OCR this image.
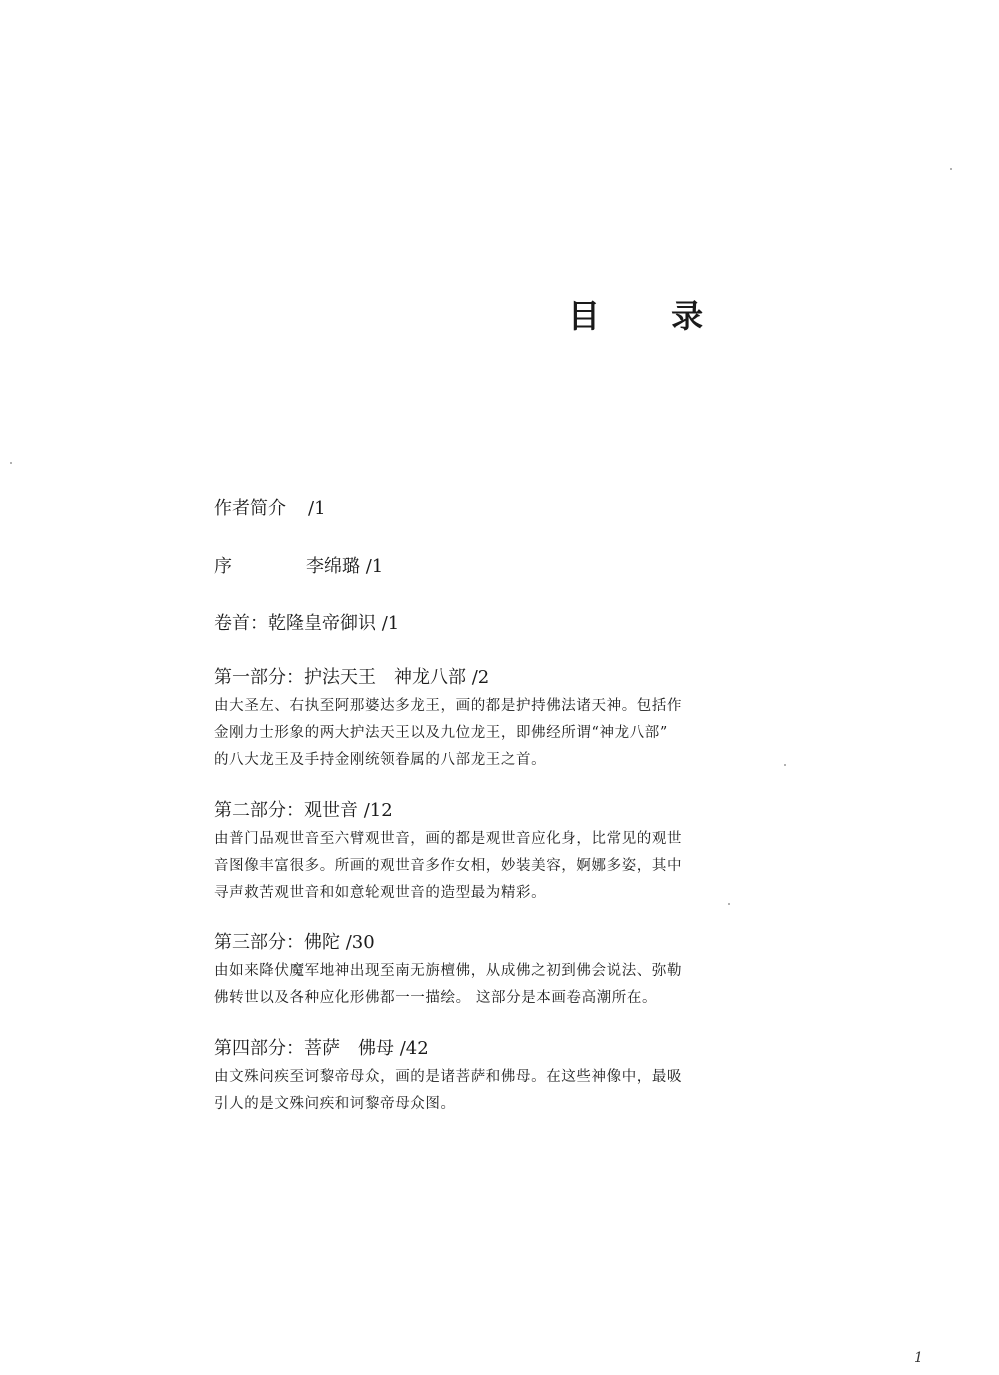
目 录
作者简介 /1
序	李绵璐 /1
卷首：乾隆皇帝御识 /1
第一部分：护法天王 神龙八部 /2
由大圣左、右执至阿那婆达多龙王，画的都是护持佛法诸天神。包括作
金刚力士形象的两大护法天王以及九位龙王，即佛经所谓“神龙八部”
的八大龙王及手持金刚统领眷属的八部龙王之首。
第二部分：观世音 /12
由普门品观世音至六臂观世音，画的都是观世音应化身，比常见的观世
音图像丰富很多。所画的观世音多作女相，妙装美容，婀娜多姿，其中
寻声救苦观世音和如意轮观世音的造型最为精彩。
第三部分：佛陀 /30
由如来降伏魔军地神出现至南无旃檀佛，从成佛之初到佛会说法、弥勒
佛转世以及各种应化形佛都一一描绘。 这部分是本画卷高潮所在。
第四部分：菩萨 佛母 /42
由文殊问疾至诃黎帝母众，画的是诸菩萨和佛母。在这些神像中，最吸
引人的是文殊问疾和诃黎帝母众图。
1
